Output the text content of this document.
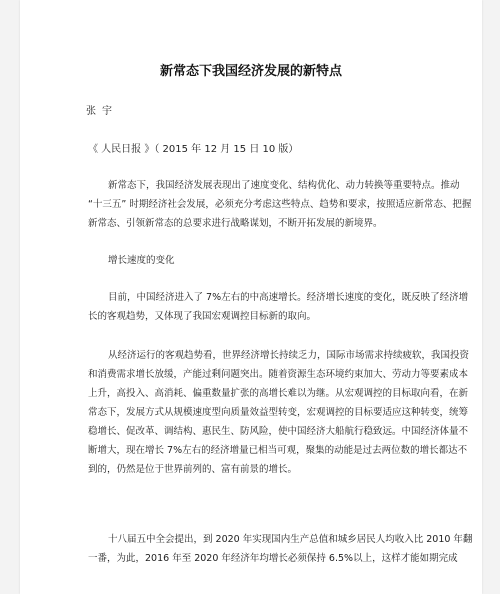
新常态下我国经济发展的新特点
张宇
《 人民日报 》（ 2015 年 12 月 15 日 10 版）
新常态下，我国经济发展表现出了速度变化、结构优化、动力转换等重要特点。推动 “十三五” 时期经济社会发展，必须充分考虑这些特点、趋势和要求，按照适应新常态、把握新常态、引领新常态的总要求进行战略谋划，不断开拓发展的新境界。
增长速度的变化
目前，中国经济进入了 7%左右的中高速增长。经济增长速度的变化，既反映了经济增长的客观趋势，又体现了我国宏观调控目标新的取向。
从经济运行的客观趋势看，世界经济增长持续乏力，国际市场需求持续疲软，我国投资和消费需求增长放缓，产能过剩问题突出。随着资源生态环境约束加大、劳动力等要素成本上升，高投入、高消耗、偏重数量扩张的高增长难以为继。从宏观调控的目标取向看，在新常态下，发展方式从规模速度型向质量效益型转变，宏观调控的目标要适应这种转变，统筹稳增长、促改革、调结构、惠民生、防风险，使中国经济大船航行稳致远。中国经济体量不断增大，现在增长 7%左右的经济增量已相当可观，聚集的动能是过去两位数的增长都达不到的，仍然是位于世界前列的、富有前景的增长。
十八届五中全会提出，到 2020 年实现国内生产总值和城乡居民人均收入比 2010 年翻一番，为此，2016 年至 2020 年经济年均增长必须保持 6.5%以上，这样才能如期完成
